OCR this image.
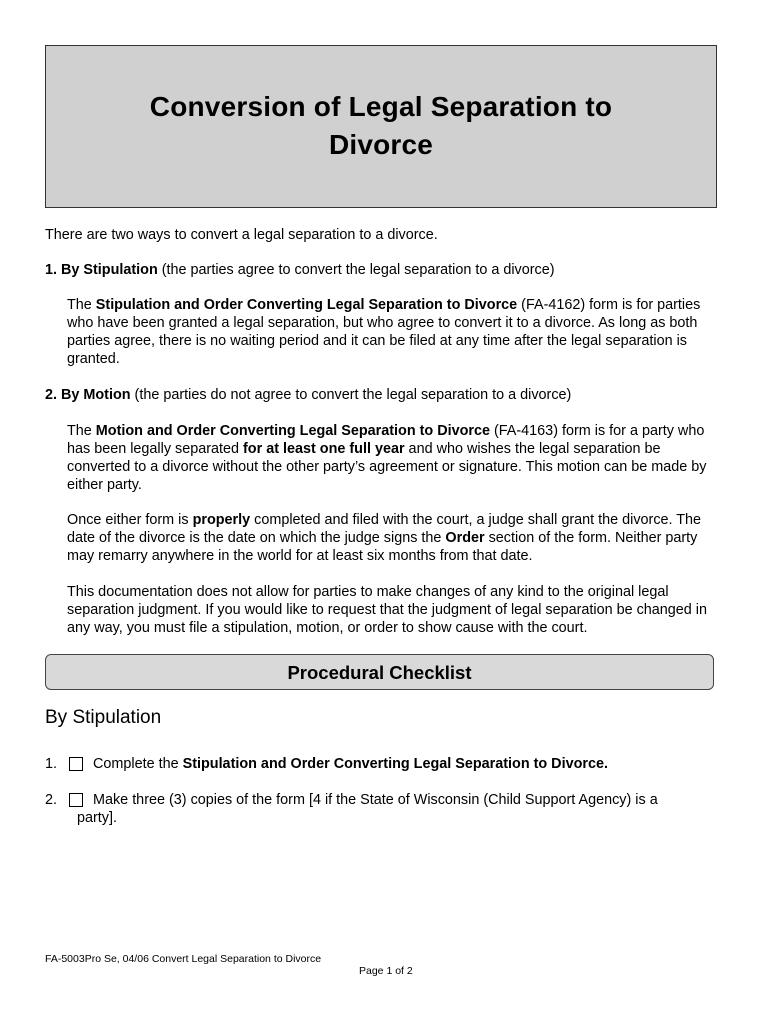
Conversion of Legal Separation to
Divorce

There are two ways to convert a legal separation to a divorce.

1. By Stipulation (the parties agree to convert the legal separation to a divorce)

The Stipulation and Order Converting Legal Separation to Divorce (FA-4162) form is for parties who have been granted a legal separation, but who agree to convert it to a divorce. As long as both parties agree, there is no waiting period and it can be filed at any time after the legal separation is granted.

2. By Motion (the parties do not agree to convert the legal separation to a divorce)

The Motion and Order Converting Legal Separation to Divorce (FA-4163) form is for a party who has been legally separated for at least one full year and who wishes the legal separation be converted to a divorce without the other party’s agreement or signature. This motion can be made by either party.

Once either form is properly completed and filed with the court, a judge shall grant the divorce. The date of the divorce is the date on which the judge signs the Order section of the form. Neither party may remarry anywhere in the world for at least six months from that date.

This documentation does not allow for parties to make changes of any kind to the original legal separation judgment. If you would like to request that the judgment of legal separation be changed in any way, you must file a stipulation, motion, or order to show cause with the court.

Procedural Checklist
By Stipulation
1. Complete the Stipulation and Order Converting Legal Separation to Divorce.
2. Make three (3) copies of the form [4 if the State of Wisconsin (Child Support Agency) is a
party].
FA-5003Pro Se, 04/06 Convert Legal Separation to Divorce
Page 1 of 2
